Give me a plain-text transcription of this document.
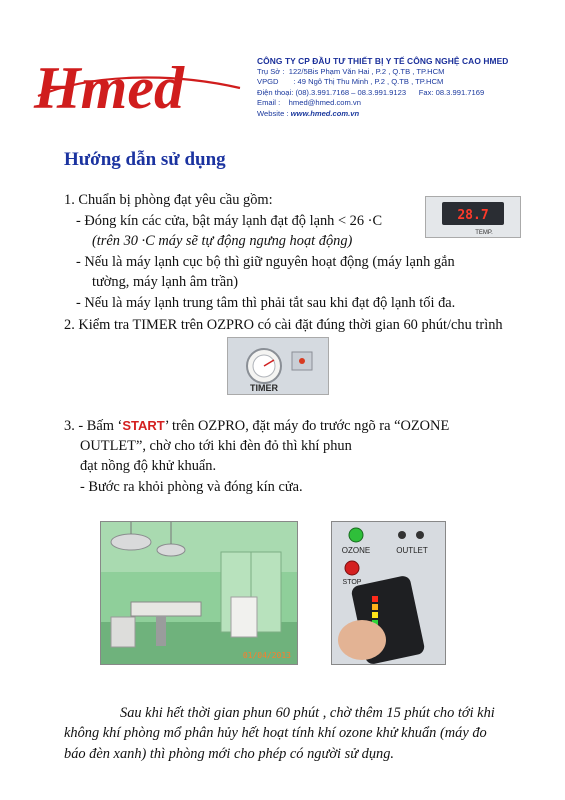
Hmed	CÔNG TY CP ĐẦU TƯ THIẾT BỊ Y TẾ CÔNG NGHỆ CAO HMED
Trụ Sở : 122/5Bis Phạm Văn Hai , P.2 , Q.TB , TP.HCM
VPGD : 49 Ngô Thị Thu Minh , P.2 , Q.TB , TP.HCM
Điện thoại: (08).3.991.7168 – 08.3.991.9123 Fax: 08.3.991.7169
Email : hmed@hmed.com.vn
Website : www.hmed.com.vn
Hướng dẫn sử dụng
1. Chuẩn bị phòng đạt yêu cầu gồm:
- Đóng kín các cửa, bật máy lạnh đạt độ lạnh < 26 ·C
(trên 30 ·C máy sẽ tự động ngưng hoạt động)
- Nếu là máy lạnh cục bộ thì giữ nguyên hoạt động (máy lạnh gắn
tường, máy lạnh âm trần)
- Nếu là máy lạnh trung tâm thì phải tắt sau khi đạt độ lạnh tối đa.
28.7
TEMP.
2. Kiểm tra TIMER trên OZPRO có cài đặt đúng thời gian 60 phút/chu trình
TIMER
3. - Bấm ‘START’ trên OZPRO, đặt máy đo trước ngõ ra “OZONE
OUTLET”, chờ cho tới khi đèn đỏ thì khí phun
đạt nồng độ khử khuẩn.
- Bước ra khỏi phòng và đóng kín cửa.
01/04/2013
OZONE	OUTLET
STOP
Sau khi hết thời gian phun 60 phút , chờ thêm 15 phút cho tới khi
không khí phòng mổ phân hủy hết hoạt tính khí ozone khử khuẩn (máy đo
báo đèn xanh) thì phòng mới cho phép có người sử dụng.
